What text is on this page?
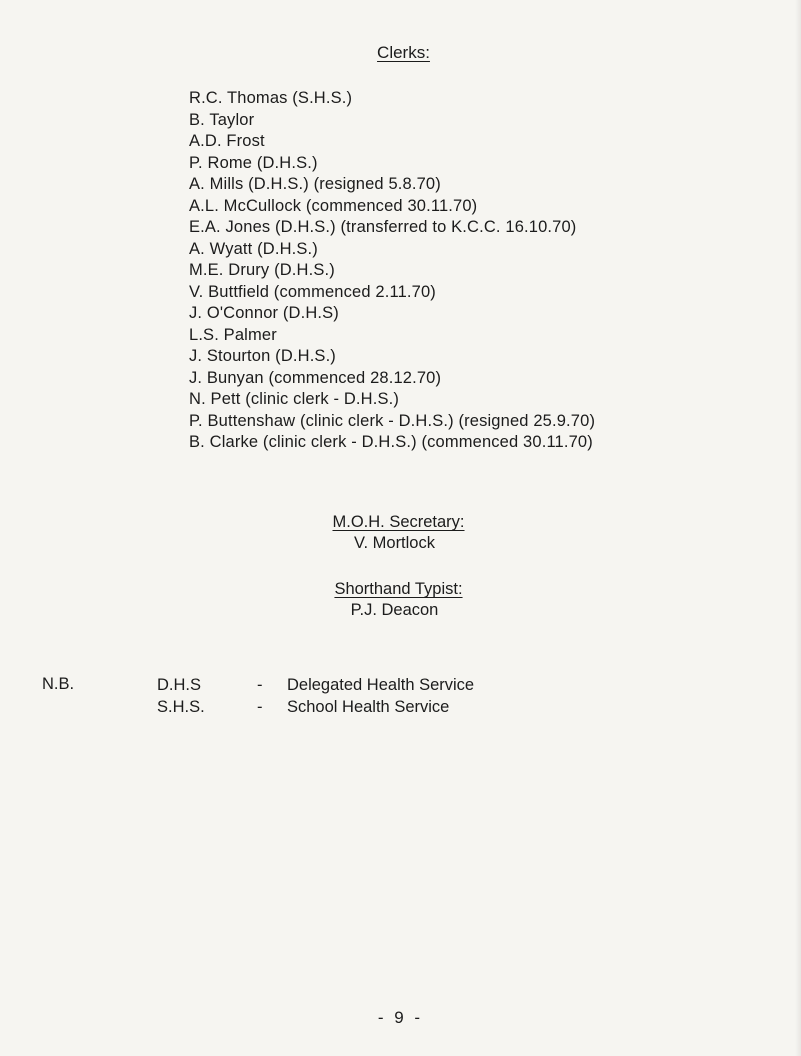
Clerks:
R.C. Thomas (S.H.S.)
B. Taylor
A.D. Frost
P. Rome (D.H.S.)
A. Mills (D.H.S.) (resigned 5.8.70)
A.L. McCullock (commenced 30.11.70)
E.A. Jones (D.H.S.) (transferred to K.C.C. 16.10.70)
A. Wyatt (D.H.S.)
M.E. Drury (D.H.S.)
V. Buttfield (commenced 2.11.70)
J. O'Connor (D.H.S)
L.S. Palmer
J. Stourton (D.H.S.)
J. Bunyan (commenced 28.12.70)
N. Pett (clinic clerk - D.H.S.)
P. Buttenshaw (clinic clerk - D.H.S.) (resigned 25.9.70)
B. Clarke (clinic clerk - D.H.S.) (commenced 30.11.70)
M.O.H. Secretary:
V. Mortlock
Shorthand Typist:
P.J. Deacon
N.B.	D.H.S	- Delegated Health Service
S.H.S.	- School Health Service
- 9 -
